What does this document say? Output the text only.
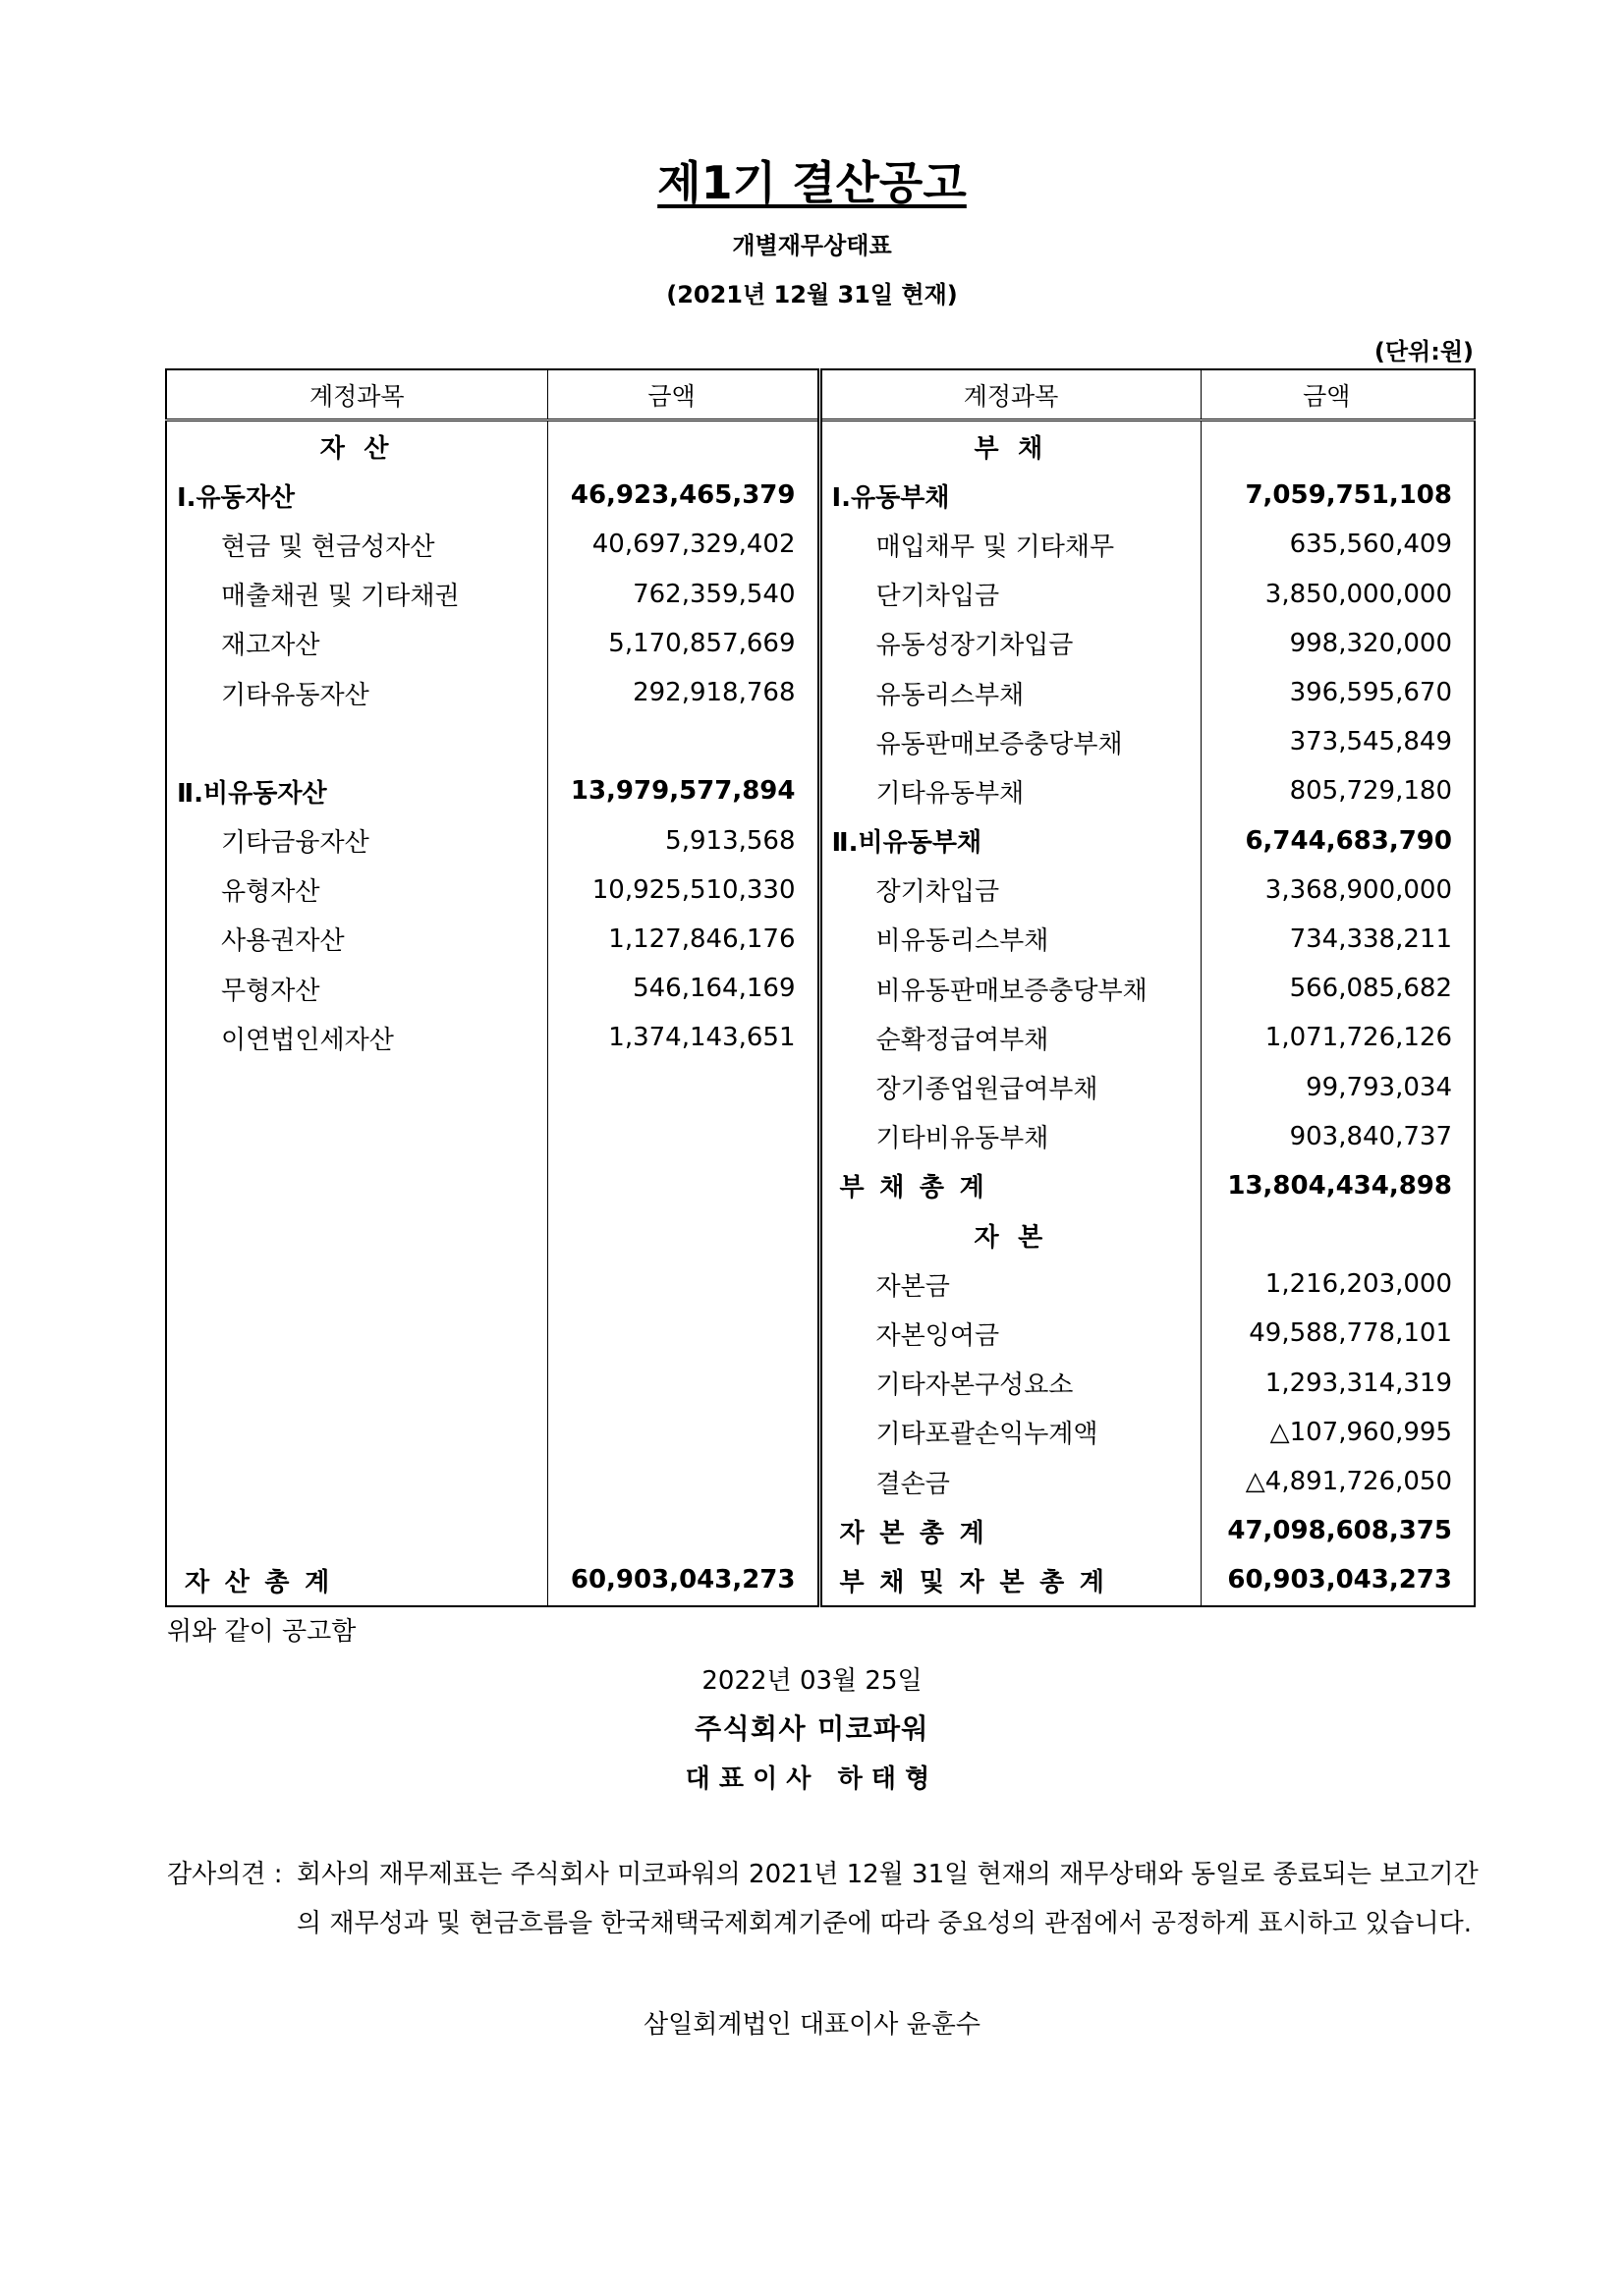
제1기 결산공고
개별재무상태표
(2021년 12월 31일 현재)
(단위:원)
계정과목	금액	계정과목	금액
자 산		부 채	
Ⅰ.유동자산	46,923,465,379	Ⅰ.유동부채	7,059,751,108
현금 및 현금성자산	40,697,329,402	매입채무 및 기타채무	635,560,409
매출채권 및 기타채권	762,359,540	단기차입금	3,850,000,000
재고자산	5,170,857,669	유동성장기차입금	998,320,000
기타유동자산	292,918,768	유동리스부채	396,595,670
		유동판매보증충당부채	373,545,849
Ⅱ.비유동자산	13,979,577,894	기타유동부채	805,729,180
기타금융자산	5,913,568	Ⅱ.비유동부채	6,744,683,790
유형자산	10,925,510,330	장기차입금	3,368,900,000
사용권자산	1,127,846,176	비유동리스부채	734,338,211
무형자산	546,164,169	비유동판매보증충당부채	566,085,682
이연법인세자산	1,374,143,651	순확정급여부채	1,071,726,126
		장기종업원급여부채	99,793,034
		기타비유동부채	903,840,737
		부채총계	13,804,434,898
		자 본	
		자본금	1,216,203,000
		자본잉여금	49,588,778,101
		기타자본구성요소	1,293,314,319
		기타포괄손익누계액	△107,960,995
		결손금	△4,891,726,050
		자본총계	47,098,608,375
자산총계	60,903,043,273	부채및자본총계	60,903,043,273
위와 같이 공고함
2022년 03월 25일
주식회사 미코파워
대표이사 하태형
감사의견 : 회사의 재무제표는 주식회사 미코파워의 2021년 12월 31일 현재의 재무상태와 동일로 종료되는 보고기간의 재무성과 및 현금흐름을 한국채택국제회계기준에 따라 중요성의 관점에서 공정하게 표시하고 있습니다.
삼일회계법인 대표이사 윤훈수
